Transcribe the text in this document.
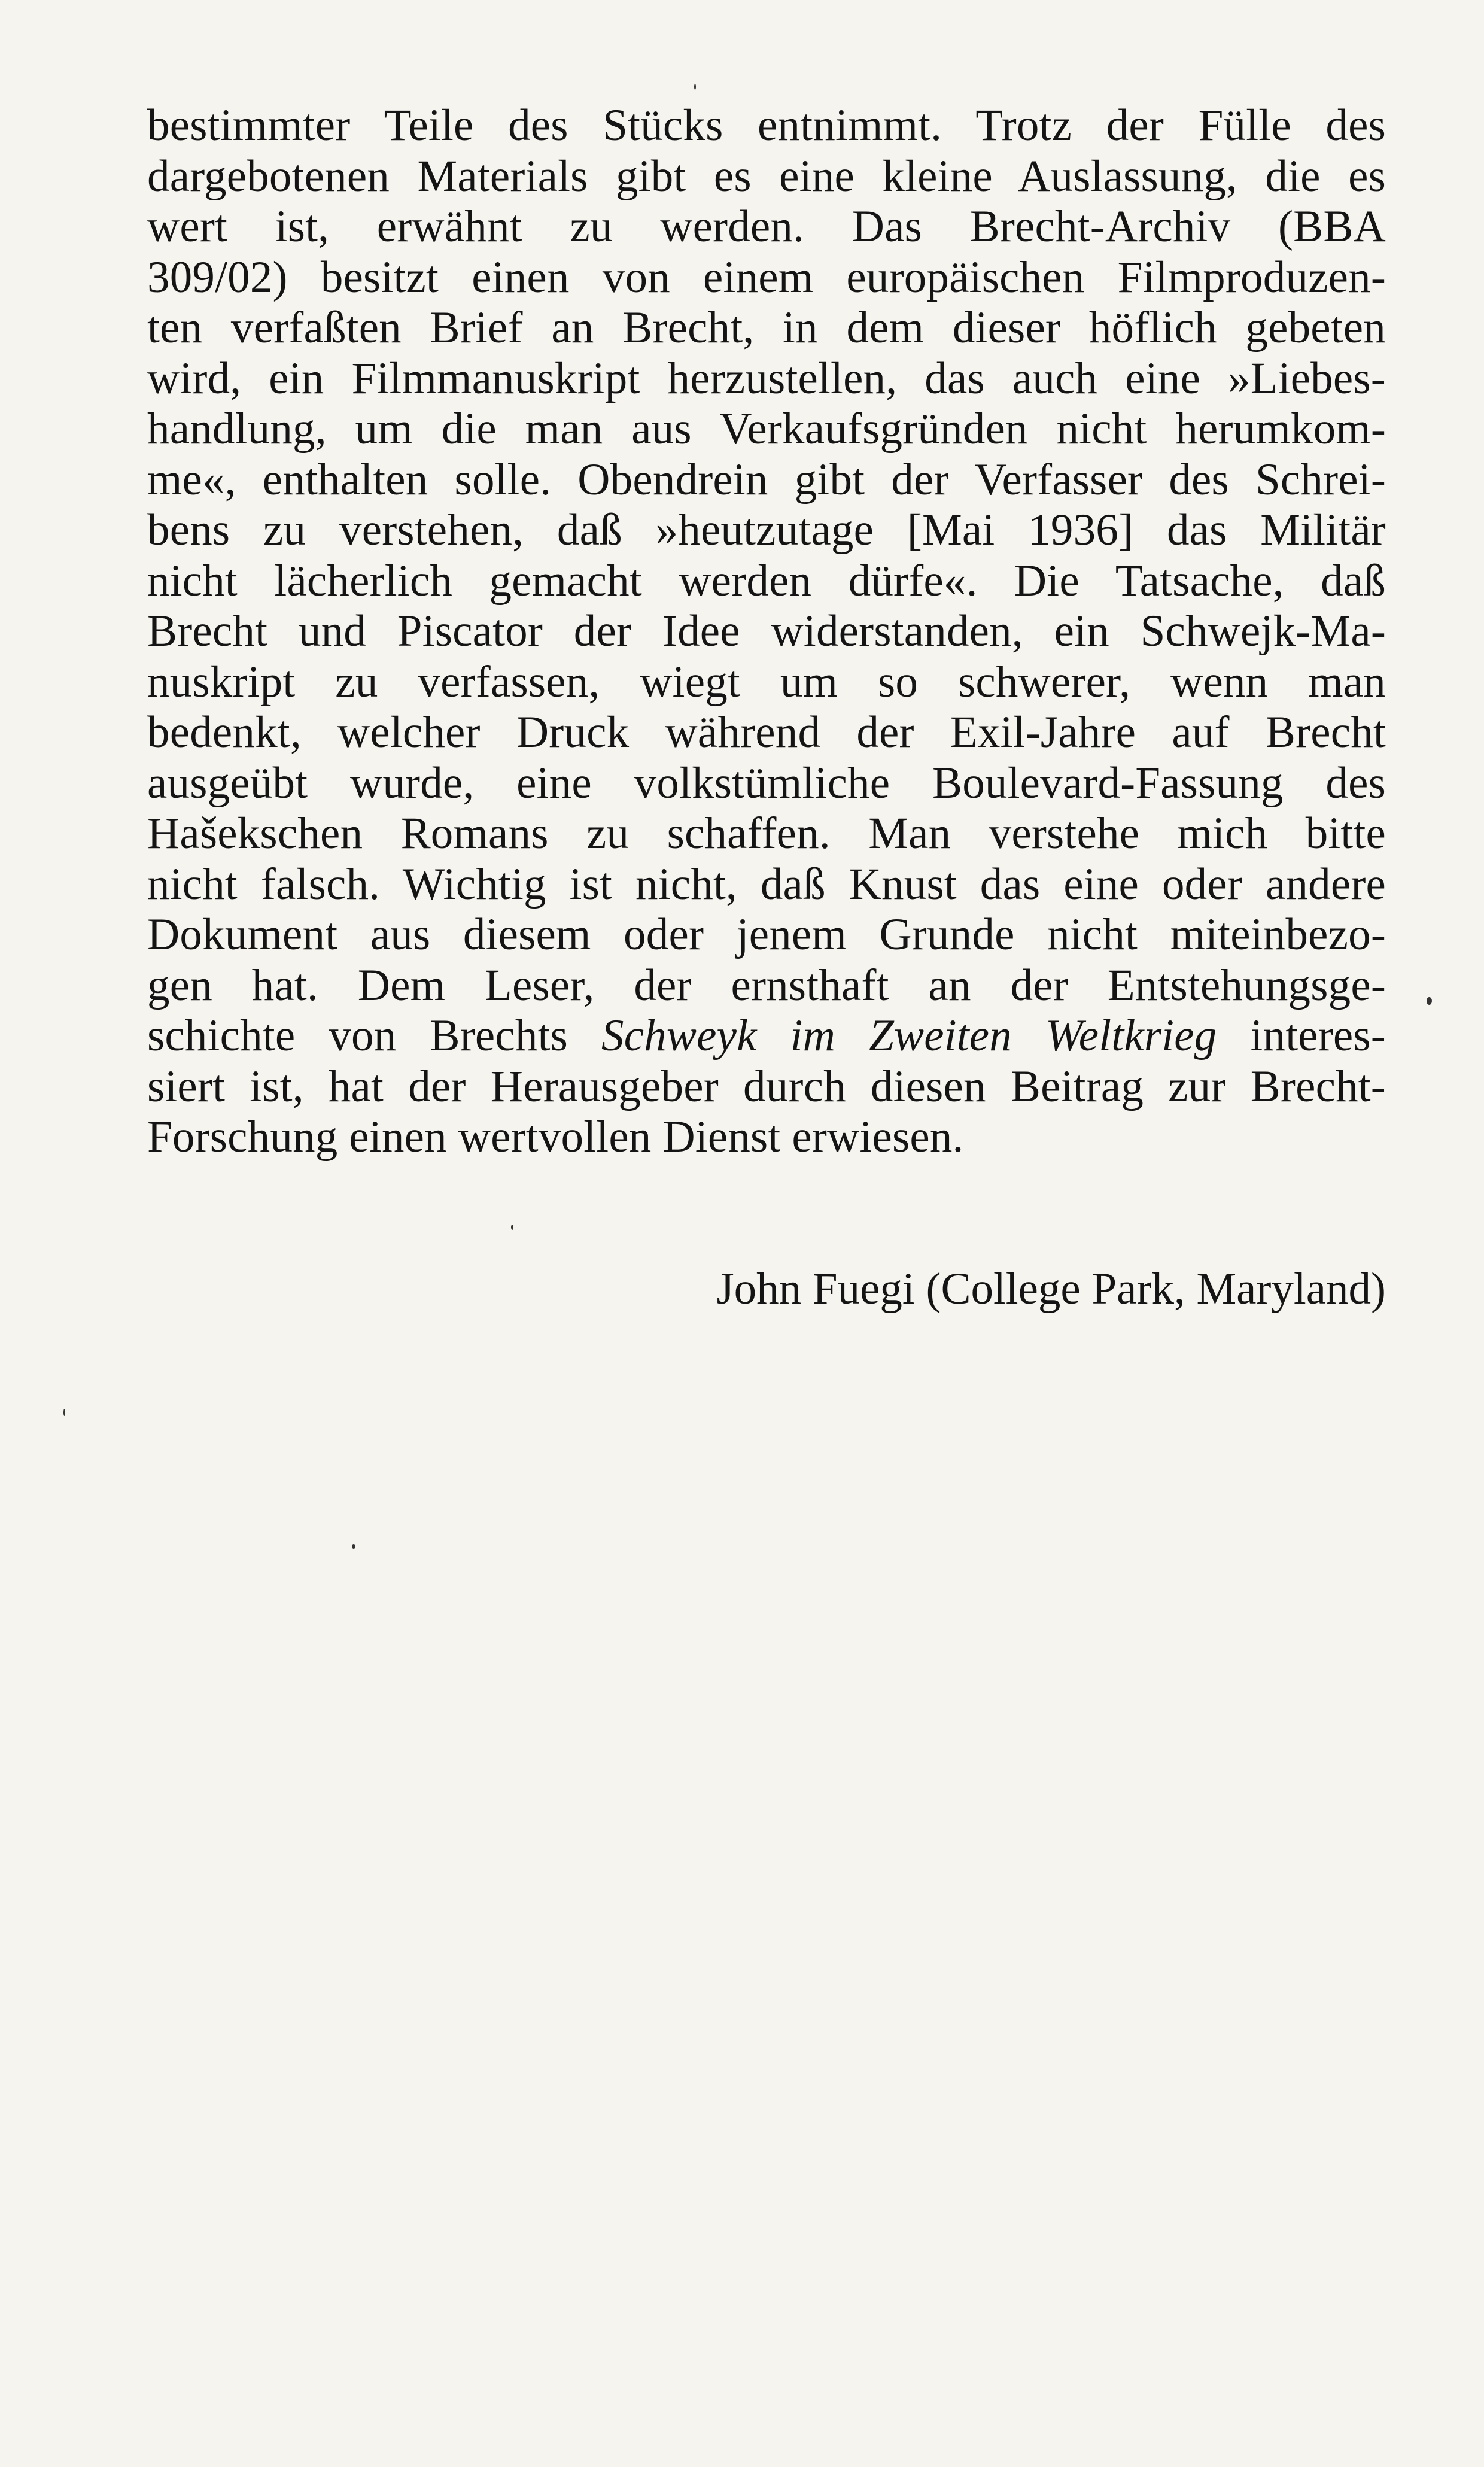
bestimmter Teile des Stücks entnimmt. Trotz der Fülle des
dargebotenen Materials gibt es eine kleine Auslassung, die es
wert ist, erwähnt zu werden. Das Brecht-Archiv (BBA
309/02) besitzt einen von einem europäischen Filmproduzen-
ten verfaßten Brief an Brecht, in dem dieser höflich gebeten
wird, ein Filmmanuskript herzustellen, das auch eine »Liebes-
handlung, um die man aus Verkaufsgründen nicht herumkom-
me«, enthalten solle. Obendrein gibt der Verfasser des Schrei-
bens zu verstehen, daß »heutzutage [Mai 1936] das Militär
nicht lächerlich gemacht werden dürfe«. Die Tatsache, daß
Brecht und Piscator der Idee widerstanden, ein Schwejk-Ma-
nuskript zu verfassen, wiegt um so schwerer, wenn man
bedenkt, welcher Druck während der Exil-Jahre auf Brecht
ausgeübt wurde, eine volkstümliche Boulevard-Fassung des
Hašekschen Romans zu schaffen. Man verstehe mich bitte
nicht falsch. Wichtig ist nicht, daß Knust das eine oder andere
Dokument aus diesem oder jenem Grunde nicht miteinbezo-
gen hat. Dem Leser, der ernsthaft an der Entstehungsge-
schichte von Brechts Schweyk im Zweiten Weltkrieg interes-
siert ist, hat der Herausgeber durch diesen Beitrag zur Brecht-
Forschung einen wertvollen Dienst erwiesen.
John Fuegi (College Park, Maryland)
